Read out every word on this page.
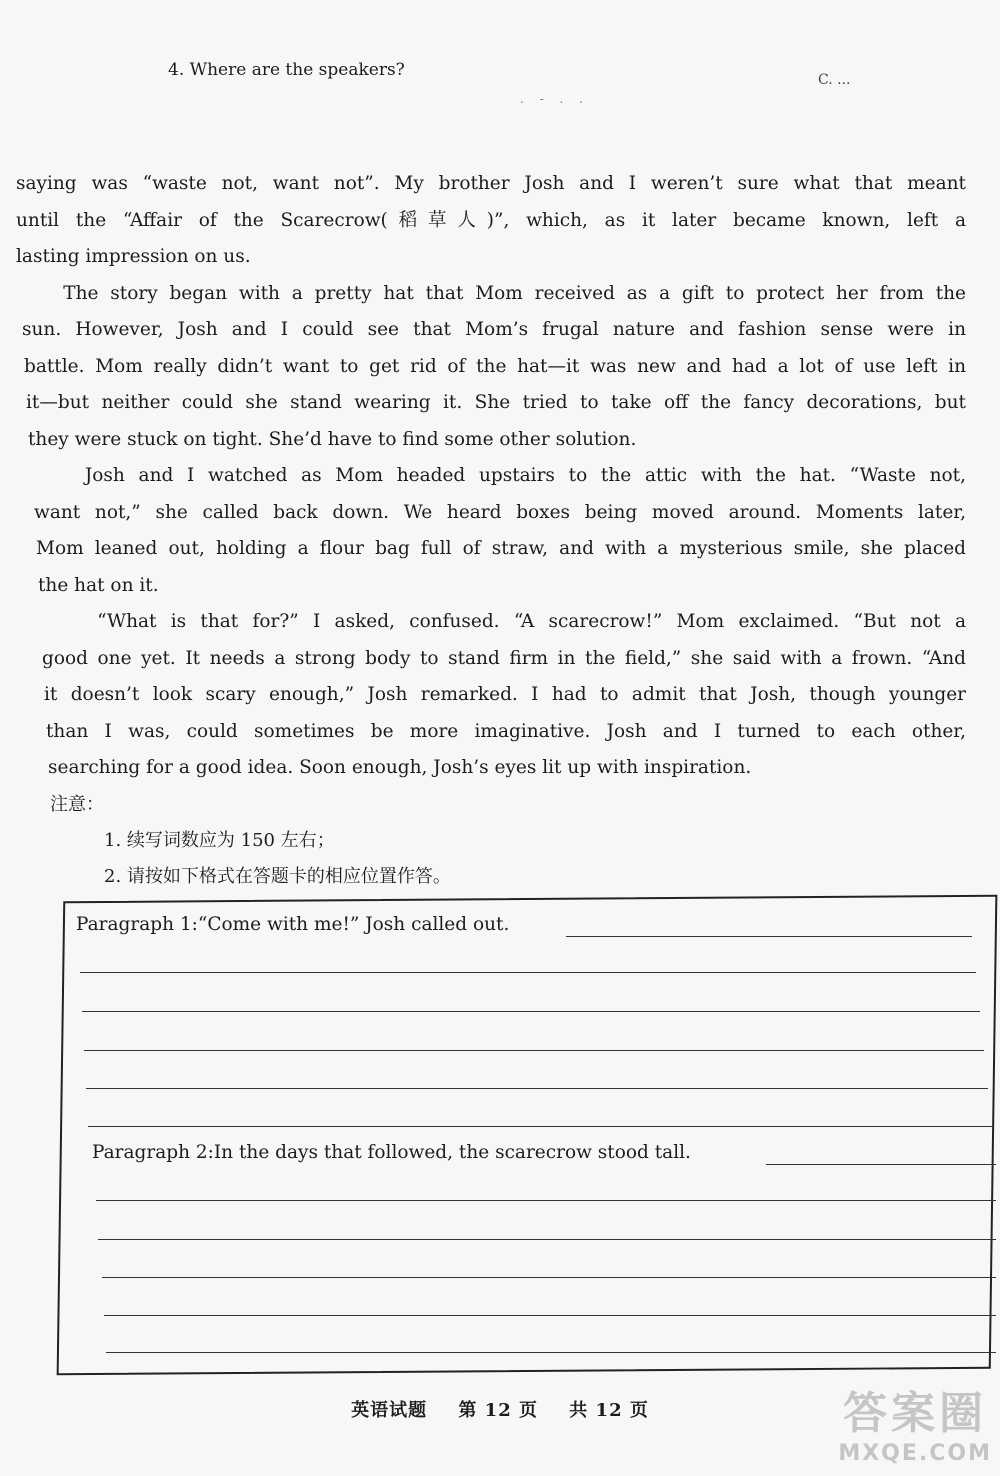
4. Where are the speakers?	C. ...
. - . .
saying was “waste not, want not”. My brother Josh and I weren’t sure what that meant
until the “Affair of the Scarecrow(稻草人)”, which, as it later became known, left a
lasting impression on us.
The story began with a pretty hat that Mom received as a gift to protect her from the
sun. However, Josh and I could see that Mom’s frugal nature and fashion sense were in
battle. Mom really didn’t want to get rid of the hat—it was new and had a lot of use left in
it—but neither could she stand wearing it. She tried to take off the fancy decorations, but
they were stuck on tight. She’d have to find some other solution.
Josh and I watched as Mom headed upstairs to the attic with the hat. “Waste not,
want not,” she called back down. We heard boxes being moved around. Moments later,
Mom leaned out, holding a flour bag full of straw, and with a mysterious smile, she placed
the hat on it.
“What is that for?” I asked, confused. “A scarecrow!” Mom exclaimed. “But not a
good one yet. It needs a strong body to stand firm in the field,” she said with a frown. “And
it doesn’t look scary enough,” Josh remarked. I had to admit that Josh, though younger
than I was, could sometimes be more imaginative. Josh and I turned to each other,
searching for a good idea. Soon enough, Josh’s eyes lit up with inspiration.
注意：
1. 续写词数应为 150 左右；
2. 请按如下格式在答题卡的相应位置作答。
Paragraph 1:“Come with me!” Josh called out.
Paragraph 2:In the days that followed, the scarecrow stood tall.
英语试题 第 12 页 共 12 页	答案圈
MXQE.COM
